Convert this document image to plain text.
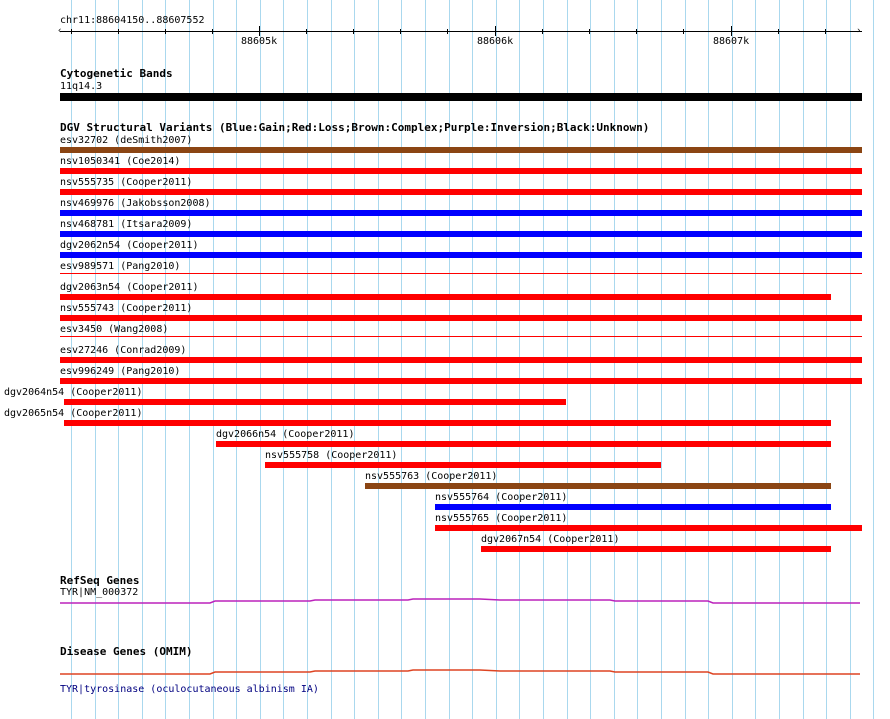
chr11:88604150..88607552
‹	›
88605k	88606k	88607k
Cytogenetic Bands
11q14.3
DGV Structural Variants (Blue:Gain;Red:Loss;Brown:Complex;Purple:Inversion;Black:Unknown)
esv32702 (deSmith2007)
nsv1050341 (Coe2014)
nsv555735 (Cooper2011)
nsv469976 (Jakobsson2008)
nsv468781 (Itsara2009)
dgv2062n54 (Cooper2011)
esv989571 (Pang2010)
dgv2063n54 (Cooper2011)
nsv555743 (Cooper2011)
esv3450 (Wang2008)
esv27246 (Conrad2009)
esv996249 (Pang2010)
dgv2064n54 (Cooper2011)
dgv2065n54 (Cooper2011)
dgv2066n54 (Cooper2011)
nsv555758 (Cooper2011)
nsv555763 (Cooper2011)
nsv555764 (Cooper2011)
nsv555765 (Cooper2011)
dgv2067n54 (Cooper2011)
RefSeq Genes
TYR|NM_000372
Disease Genes (OMIM)
TYR|tyrosinase (oculocutaneous albinism IA)
